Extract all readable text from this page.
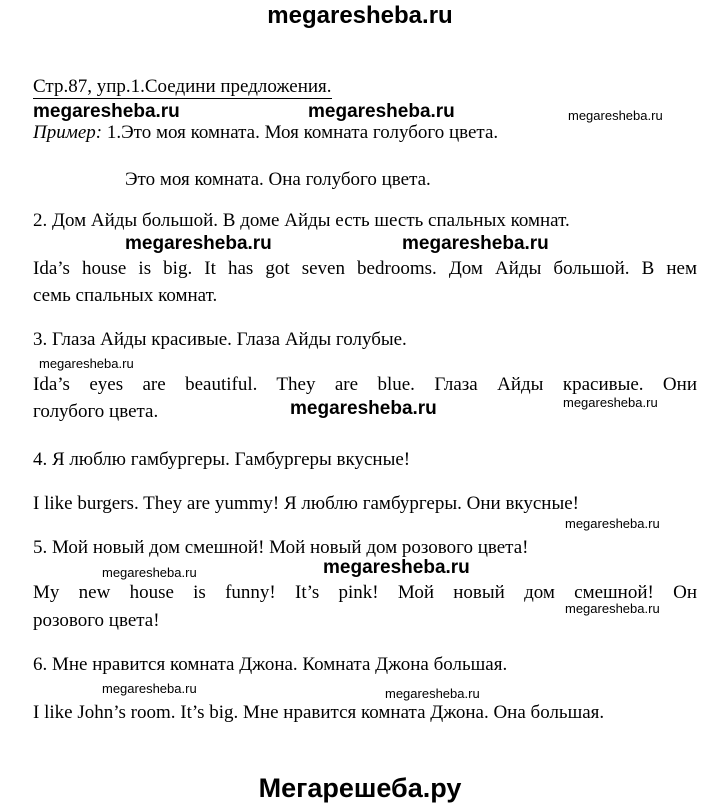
megaresheba.ru
Стр.87, упр.1.Соедини предложения.
Пример: 1.Это моя комната. Моя комната голубого цвета.
Это моя комната. Она голубого цвета.
2. Дом Айды большой. В доме Айды есть шесть спальных комнат.
Ida’s house is big. It has got seven bedrooms. Дом Айды большой. В нем
семь спальных комнат.
3. Глаза Айды красивые. Глаза Айды голубые.
Ida’s eyes are beautiful. They are blue. Глаза Айды красивые. Они
голубого цвета.
4. Я люблю гамбургеры. Гамбургеры вкусные!
I like burgers. They are yummy! Я люблю гамбургеры. Они вкусные!
5. Мой новый дом смешной! Мой новый дом розового цвета!
My new house is funny! It’s pink! Мой новый дом смешной! Он
розового цвета!
6. Мне нравится комната Джона. Комната Джона большая.
I like John’s room. It’s big. Мне нравится комната Джона. Она большая.
megaresheba.ru	megaresheba.ru	megaresheba.ru
megaresheba.ru	megaresheba.ru
megaresheba.ru
megaresheba.ru	megaresheba.ru
megaresheba.ru
megaresheba.ru	megaresheba.ru
megaresheba.ru
megaresheba.ru	megaresheba.ru
Мегарешеба.ру
